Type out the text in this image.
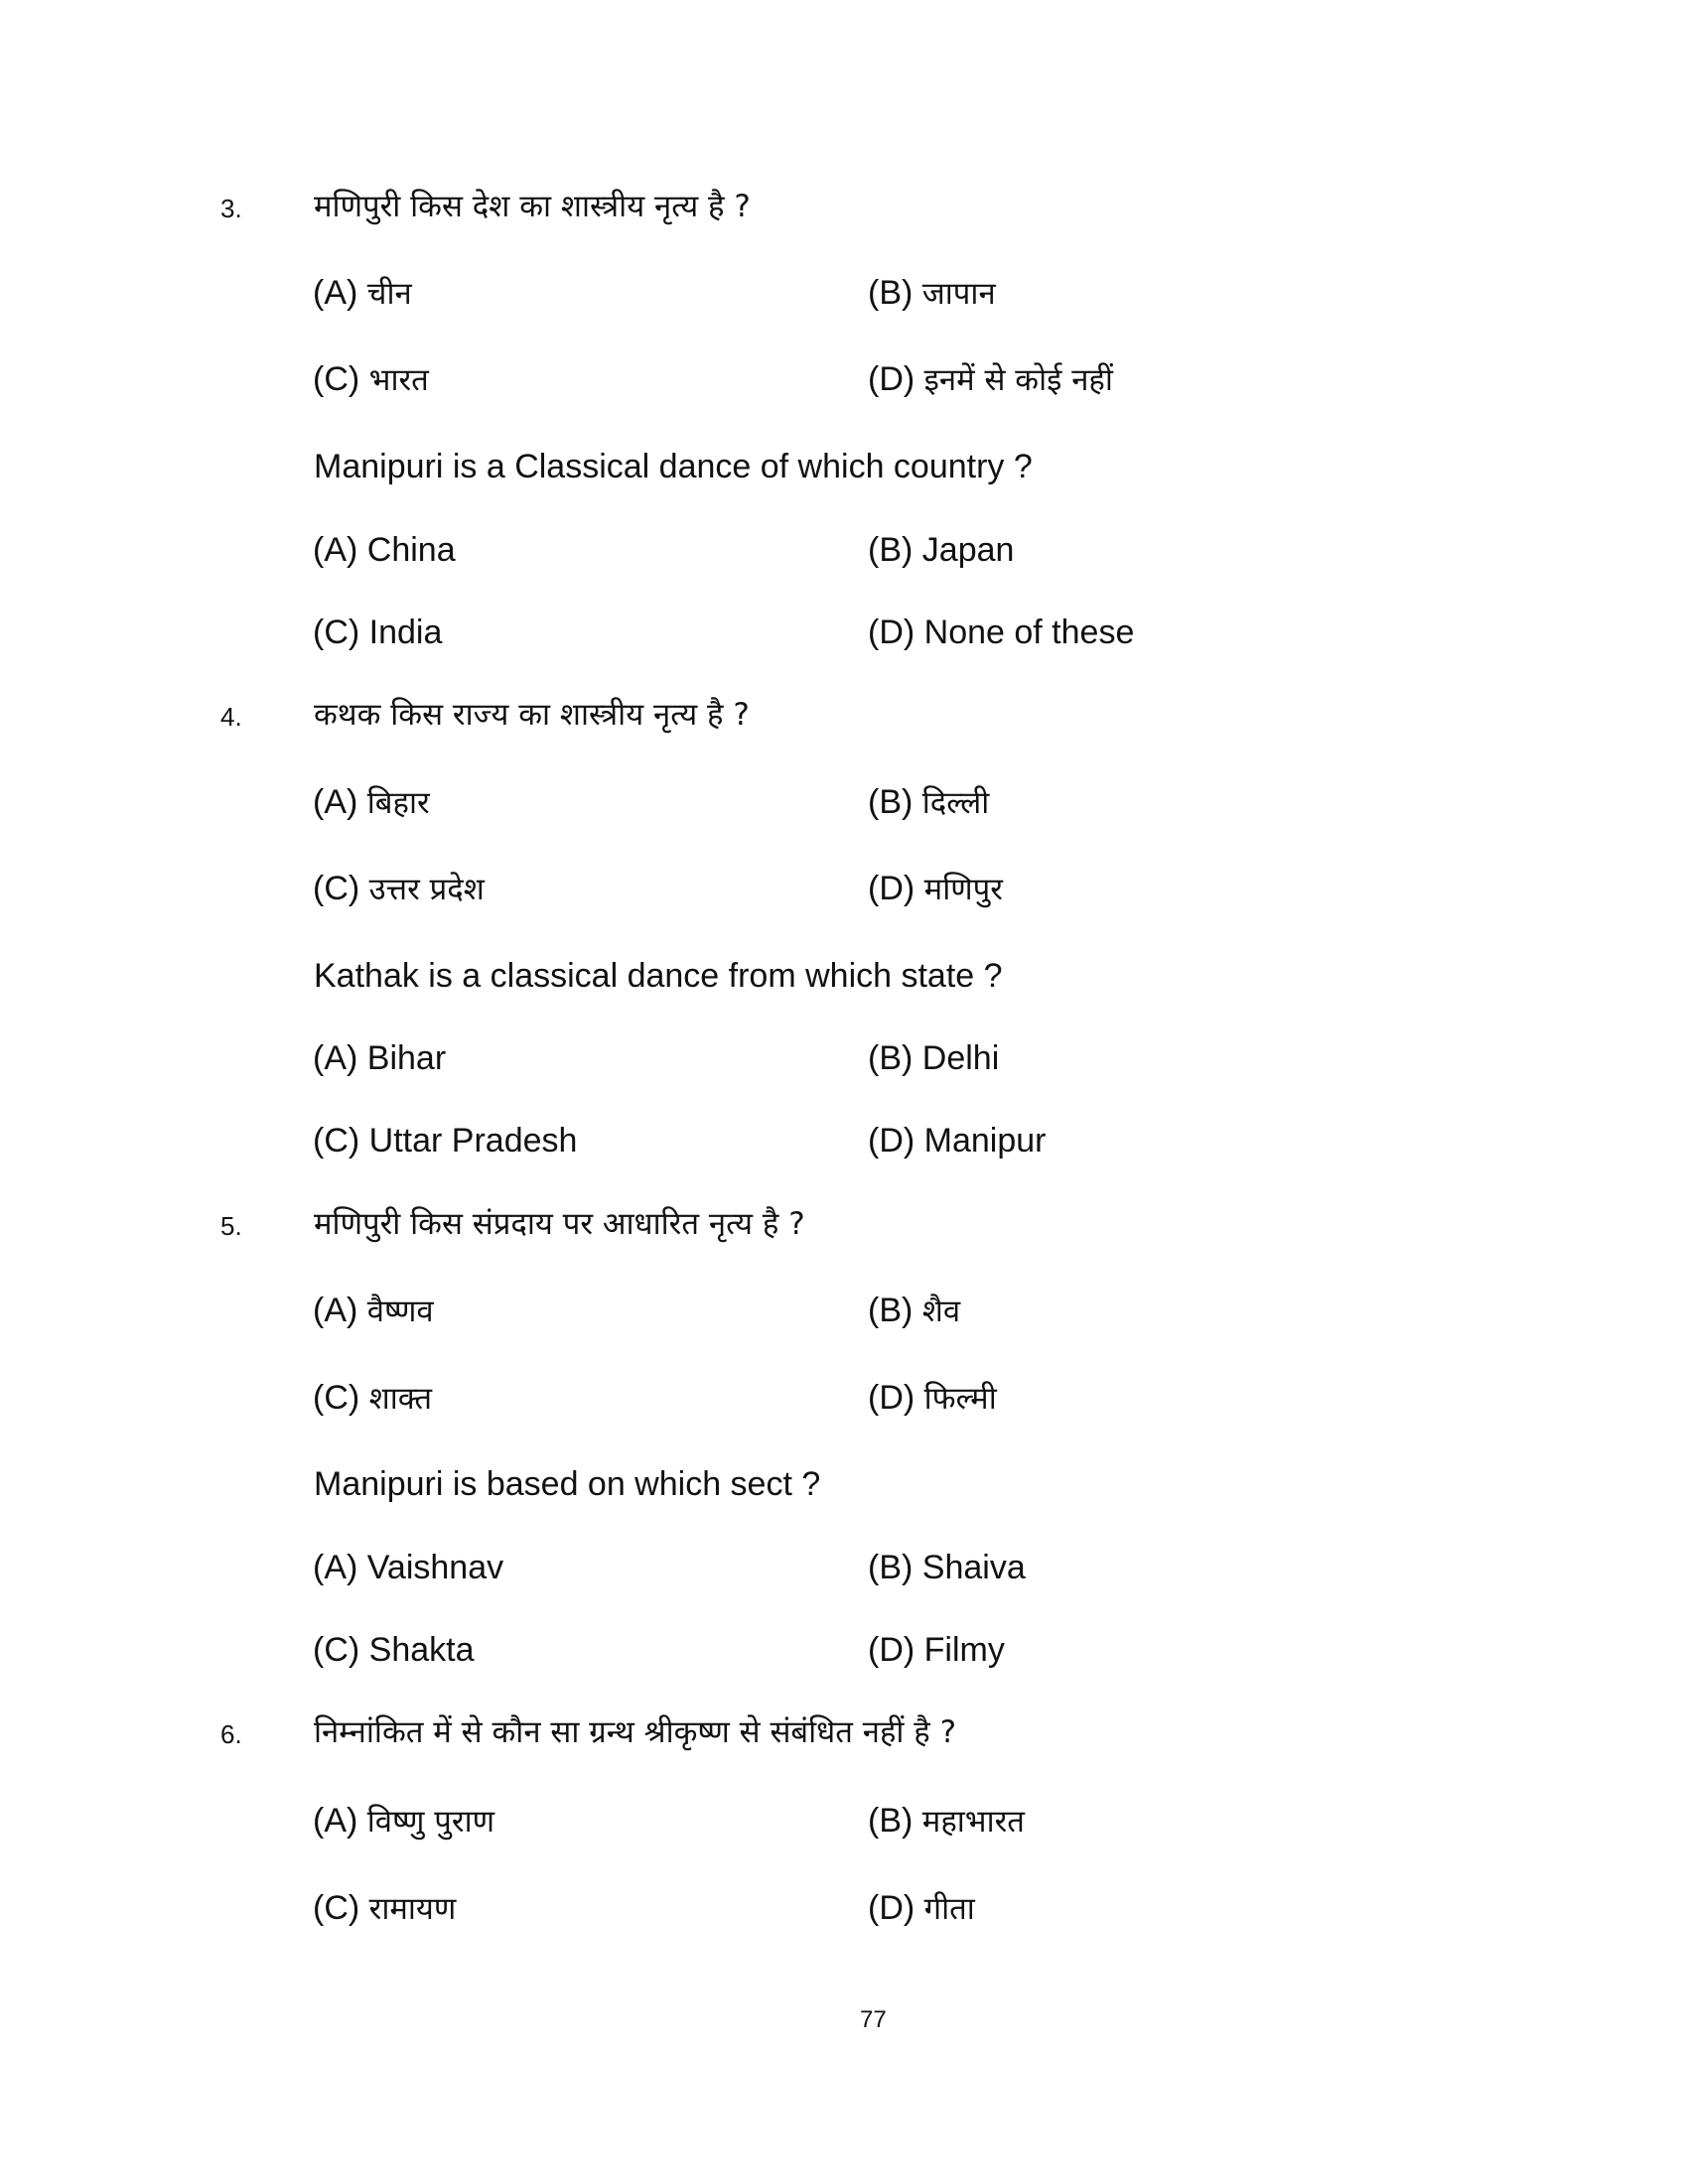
3. मणिपुरी किस देश का शास्त्रीय नृत्य है ?
(A) चीन	(B) जापान
(C) भारत	(D) इनमें से कोई नहीं
Manipuri is a Classical dance of which country ?
(A) China	(B) Japan
(C) India	(D) None of these
4. कथक किस राज्य का शास्त्रीय नृत्य है ?
(A) बिहार	(B) दिल्ली
(C) उत्तर प्रदेश	(D) मणिपुर
Kathak is a classical dance from which state ?
(A) Bihar	(B) Delhi
(C) Uttar Pradesh	(D) Manipur
5. मणिपुरी किस संप्रदाय पर आधारित नृत्य है ?
(A) वैष्णव	(B) शैव
(C) शाक्त	(D) फिल्मी
Manipuri is based on which sect ?
(A) Vaishnav	(B) Shaiva
(C) Shakta	(D) Filmy
6. निम्नांकित में से कौन सा ग्रन्थ श्रीकृष्ण से संबंधित नहीं है ?
(A) विष्णु पुराण	(B) महाभारत
(C) रामायण	(D) गीता
77
